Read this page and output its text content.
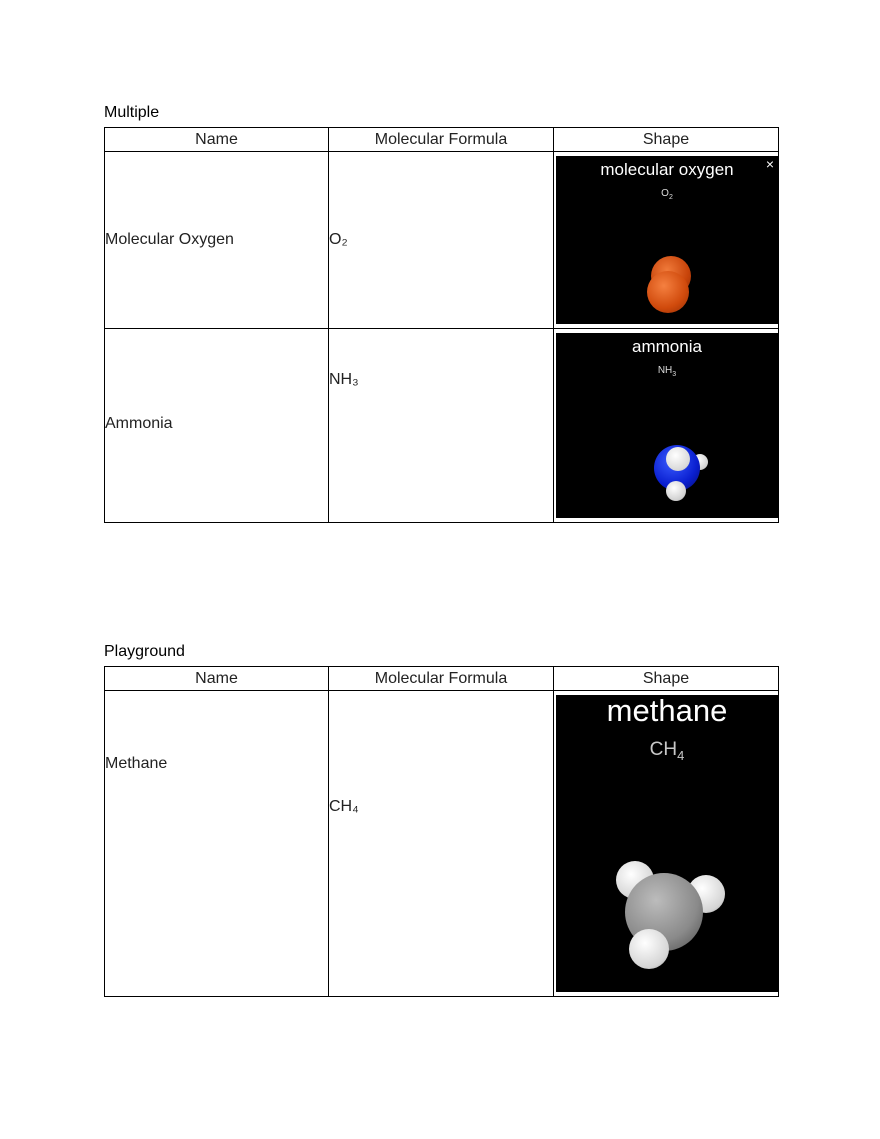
Multiple
Name	Molecular Formula	Shape
Molecular Oxygen	O₂	molecular oxygen
$O_2$
×

Ammonia	NH₃	ammonia
$NH_3$
Playground
Name	Molecular Formula	Shape
Methane	CH₄	methane
$CH_4$
